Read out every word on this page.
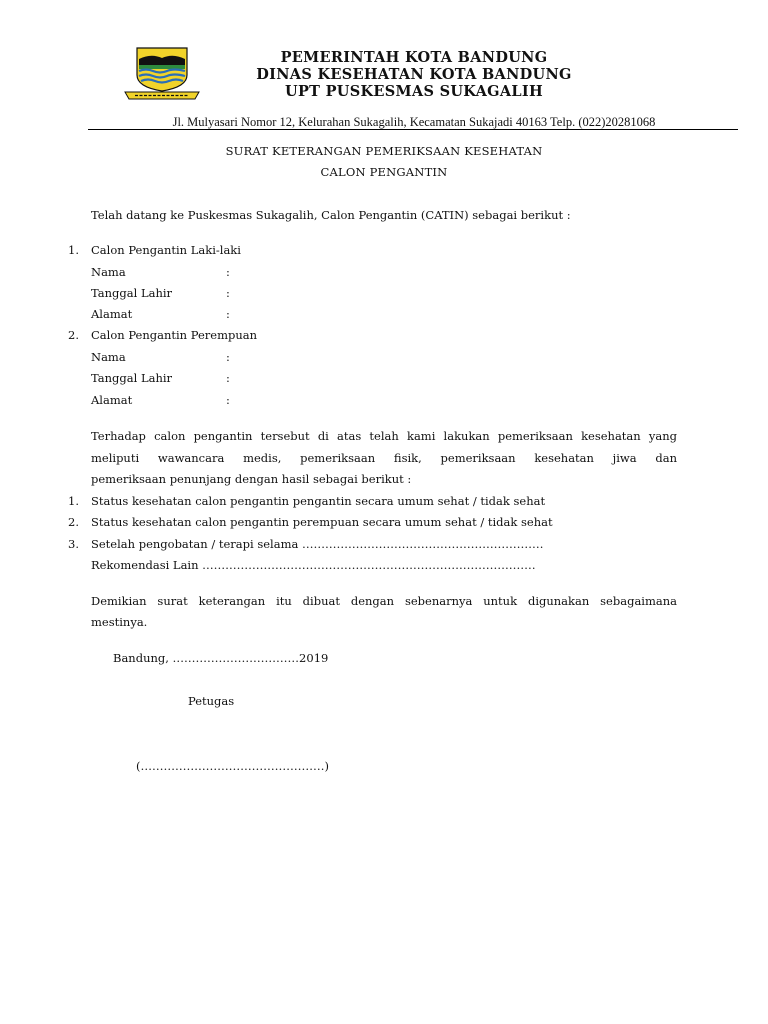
PEMERINTAH KOTA BANDUNG
DINAS KESEHATAN KOTA BANDUNG
UPT PUSKESMAS SUKAGALIH
Jl. Mulyasari Nomor 12, Kelurahan Sukagalih, Kecamatan Sukajadi 40163 Telp. (022)20281068
SURAT KETERANGAN PEMERIKSAAN KESEHATAN
CALON PENGANTIN
Telah datang ke Puskesmas Sukagalih, Calon Pengantin (CATIN) sebagai berikut :
1. Calon Pengantin Laki-laki
Nama	:
Tanggal Lahir	:
Alamat	:
2. Calon Pengantin Perempuan
Nama	:
Tanggal Lahir	:
Alamat	:
Terhadap calon pengantin tersebut di atas telah kami lakukan pemeriksaan kesehatan yang
meliputi wawancara medis, pemeriksaan fisik, pemeriksaan kesehatan jiwa dan
pemeriksaan penunjang dengan hasil sebagai berikut :
1. Status kesehatan calon pengantin pengantin secara umum sehat / tidak sehat
2. Status kesehatan calon pengantin perempuan secara umum sehat / tidak sehat
3. Setelah pengobatan / terapi selama ………………………………………………………
Rekomendasi Lain ……………………………………………………………………………
Demikian surat keterangan itu dibuat dengan sebenarnya untuk digunakan sebagaimana
mestinya.
Bandung, ……………………………2019
Petugas
(…………………………………………)
